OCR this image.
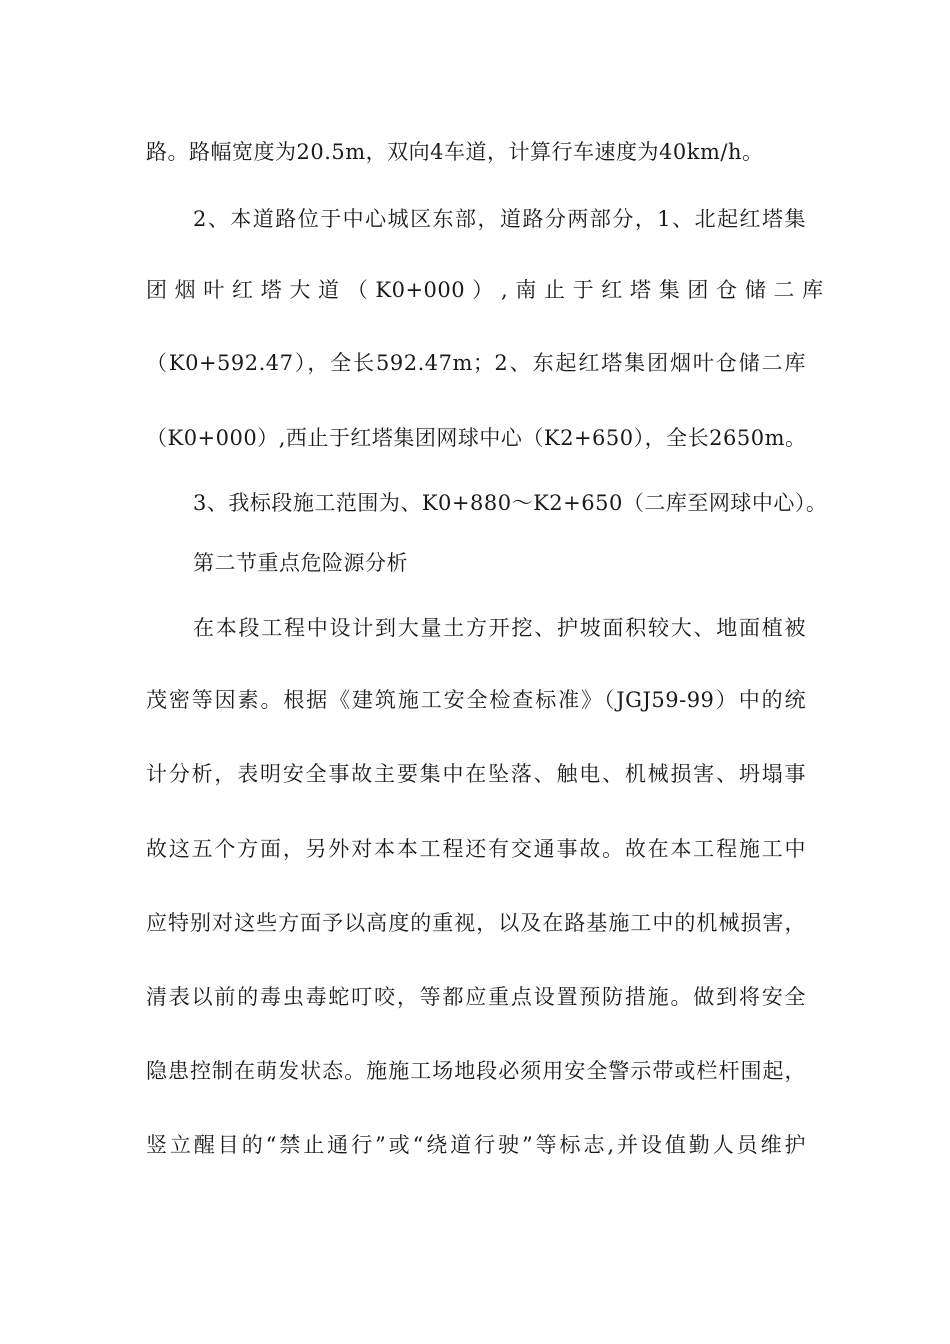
路。路幅宽度为20.5m，双向4车道，计算行车速度为40km/h。
2、本道路位于中心城区东部，道路分两部分，1、北起红塔集
团 烟 叶 红 塔 大 道 （ K0+000 ） , 南 止 于 红 塔 集 团 仓 储 二 库
（K0+592.47），全长592.47m；2、东起红塔集团烟叶仓储二库
（K0+000）,西止于红塔集团网球中心（K2+650），全长2650m。
3、我标段施工范围为、K0+880～K2+650（二库至网球中心）。
第二节重点危险源分析
在本段工程中设计到大量土方开挖、护坡面积较大、地面植被
茂密等因素。根据《建筑施工安全检查标准》（JGJ59-99）中的统
计分析，表明安全事故主要集中在坠落、触电、机械损害、坍塌事
故这五个方面，另外对本本工程还有交通事故。故在本工程施工中
应特别对这些方面予以高度的重视，以及在路基施工中的机械损害，
清表以前的毒虫毒蛇叮咬，等都应重点设置预防措施。做到将安全
隐患控制在萌发状态。施施工场地段必须用安全警示带或栏杆围起，
竖立醒目的“禁止通行”或“绕道行驶”等标志,并设值勤人员维护
